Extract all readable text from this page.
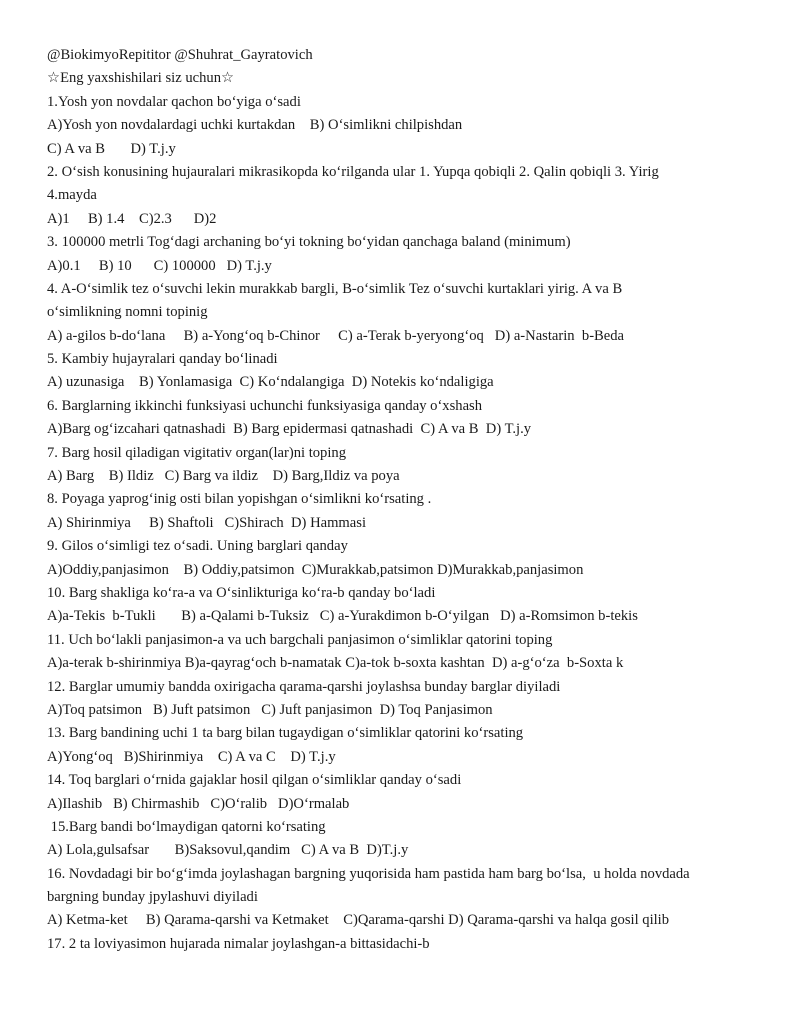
@BiokimyoRepititor @Shuhrat_Gayratovich
☆Eng yaxshishilari siz uchun☆
1.Yosh yon novdalar qachon bo‘yiga o‘sadi
A)Yosh yon novdalardagi uchki kurtakdan    B) O‘simlikni chilpishdan
C) A va B       D) T.j.y
2. O‘sish konusining hujauralari mikrasikopda ko‘rilganda ular 1. Yupqa qobiqli 2. Qalin qobiqli 3. Yirig
4.mayda
A)1     B) 1.4    C)2.3      D)2
3. 100000 metrli Tog‘dagi archaning bo‘yi tokning bo‘yidan qanchaga baland (minimum)
A)0.1     B) 10      C) 100000   D) T.j.y
4. A-O‘simlik tez o‘suvchi lekin murakkab bargli, B-o‘simlik Tez o‘suvchi kurtaklari yirig. A va B
o‘simlikning nomni topinig
A) a-gilos b-do‘lana     B) a-Yong‘oq b-Chinor     C) a-Terak b-yeryong‘oq   D) a-Nastarin  b-Beda
5. Kambiy hujayralari qanday bo‘linadi
A) uzunasiga    B) Yonlamasiga  C) Ko‘ndalangiga  D) Notekis ko‘ndaligiga
6. Barglarning ikkinchi funksiyasi uchunchi funksiyasiga qanday o‘xshash
A)Barg og‘izcahari qatnashadi  B) Barg epidermasi qatnashadi  C) A va B  D) T.j.y
7. Barg hosil qiladigan vigitativ organ(lar)ni toping
A) Barg    B) Ildiz   C) Barg va ildiz    D) Barg,Ildiz va poya
8. Poyaga yaprog‘inig osti bilan yopishgan o‘simlikni ko‘rsating .
A) Shirinmiya     B) Shaftoli   C)Shirach  D) Hammasi
9. Gilos o‘simligi tez o‘sadi. Uning barglari qanday
A)Oddiy,panjasimon    B) Oddiy,patsimon  C)Murakkab,patsimon D)Murakkab,panjasimon
10. Barg shakliga ko‘ra-a va O‘sinlikturiga ko‘ra-b qanday bo‘ladi
A)a-Tekis  b-Tukli       B) a-Qalami b-Tuksiz   C) a-Yurakdimon b-O‘yilgan   D) a-Romsimon b-tekis
11. Uch bo‘lakli panjasimon-a va uch bargchali panjasimon o‘simliklar qatorini toping
A)a-terak b-shirinmiya B)a-qayrag‘och b-namatak C)a-tok b-soxta kashtan  D) a-g‘o‘za  b-Soxta k
12. Barglar umumiy bandda oxirigacha qarama-qarshi joylashsa bunday barglar diyiladi
A)Toq patsimon   B) Juft patsimon   C) Juft panjasimon  D) Toq Panjasimon
13. Barg bandining uchi 1 ta barg bilan tugaydigan o‘simliklar qatorini ko‘rsating
A)Yong‘oq   B)Shirinmiya    C) A va C    D) T.j.y
14. Toq barglari o‘rnida gajaklar hosil qilgan o‘simliklar qanday o‘sadi
A)Ilashib   B) Chirmashib   C)O‘ralib   D)O‘rmalab
15.Barg bandi bo‘lmaydigan qatorni ko‘rsating
A) Lola,gulsafsar       B)Saksovul,qandim   C) A va B  D)T.j.y
16. Novdadagi bir bo‘g‘imda joylashagan bargning yuqorisida ham pastida ham barg bo‘lsa,  u holda novdada
bargning bunday jpylashuvi diyiladi
A) Ketma-ket     B) Qarama-qarshi va Ketmaket    C)Qarama-qarshi D) Qarama-qarshi va halqa gosil qilib
17. 2 ta loviyasimon hujarada nimalar joylashgan-a bittasidachi-b
